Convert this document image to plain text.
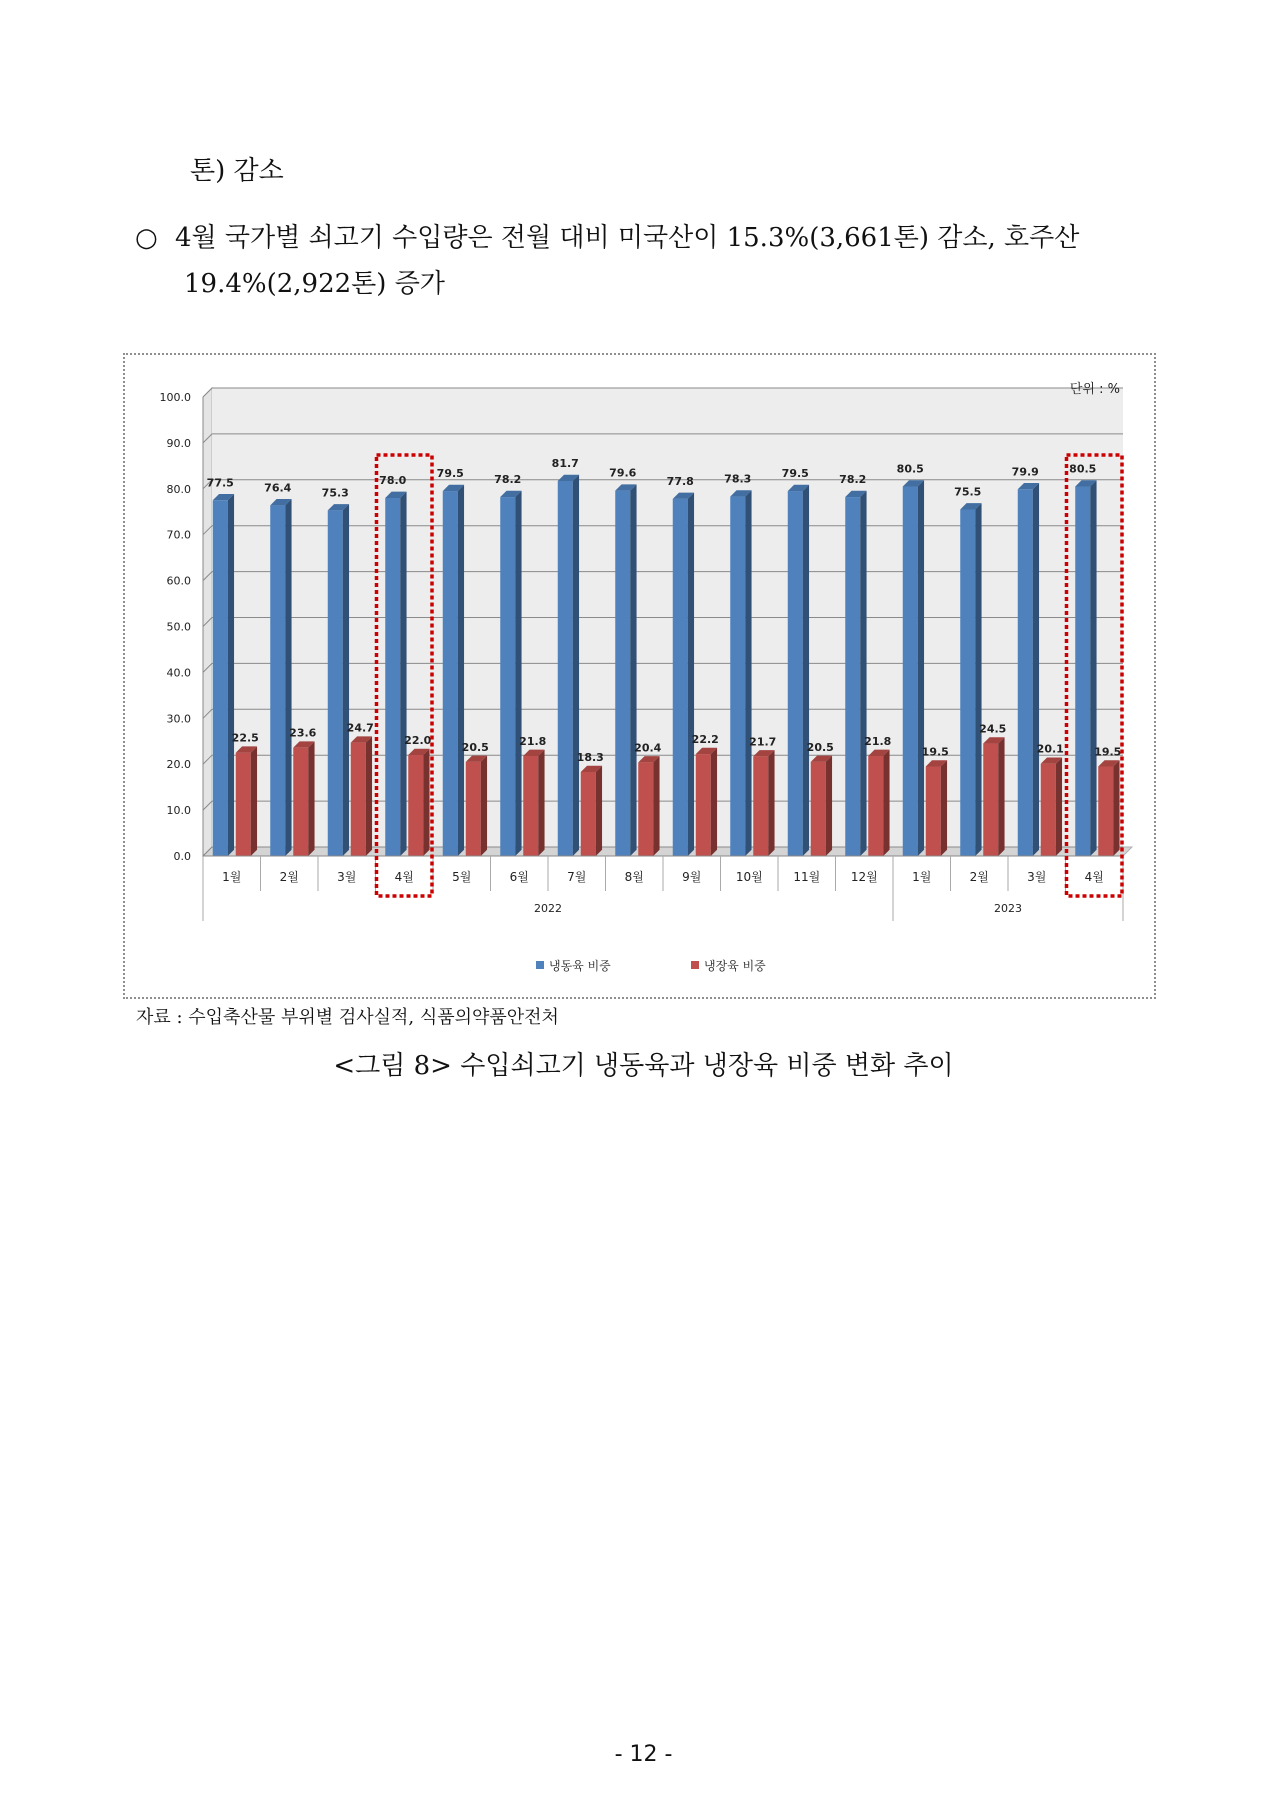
톤) 감소
○ 4월 국가별 쇠고기 수입량은 전월 대비 미국산이 15.3%(3,661톤) 감소, 호주산
19.4%(2,922톤) 증가
0.0
10.0
20.0
30.0
40.0
50.0
60.0
70.0
80.0
90.0
100.0
77.5
22.5
1월
76.4
23.6
2월
75.3
24.7
3월
78.0
22.0
4월
79.5
20.5
5월
78.2
21.8
6월
81.7
18.3
7월
79.6
20.4
8월
77.8
22.2
9월
78.3
21.7
10월
79.5
20.5
11월
78.2
21.8
12월
80.5
19.5
1월
75.5
24.5
2월
79.9
20.1
3월
80.5
19.5
4월
2022	2023
단위 : %
냉동육 비중	냉장육 비중
자료 : 수입축산물 부위별 검사실적, 식품의약품안전처
<그림 8> 수입쇠고기 냉동육과 냉장육 비중 변화 추이
- 12 -
